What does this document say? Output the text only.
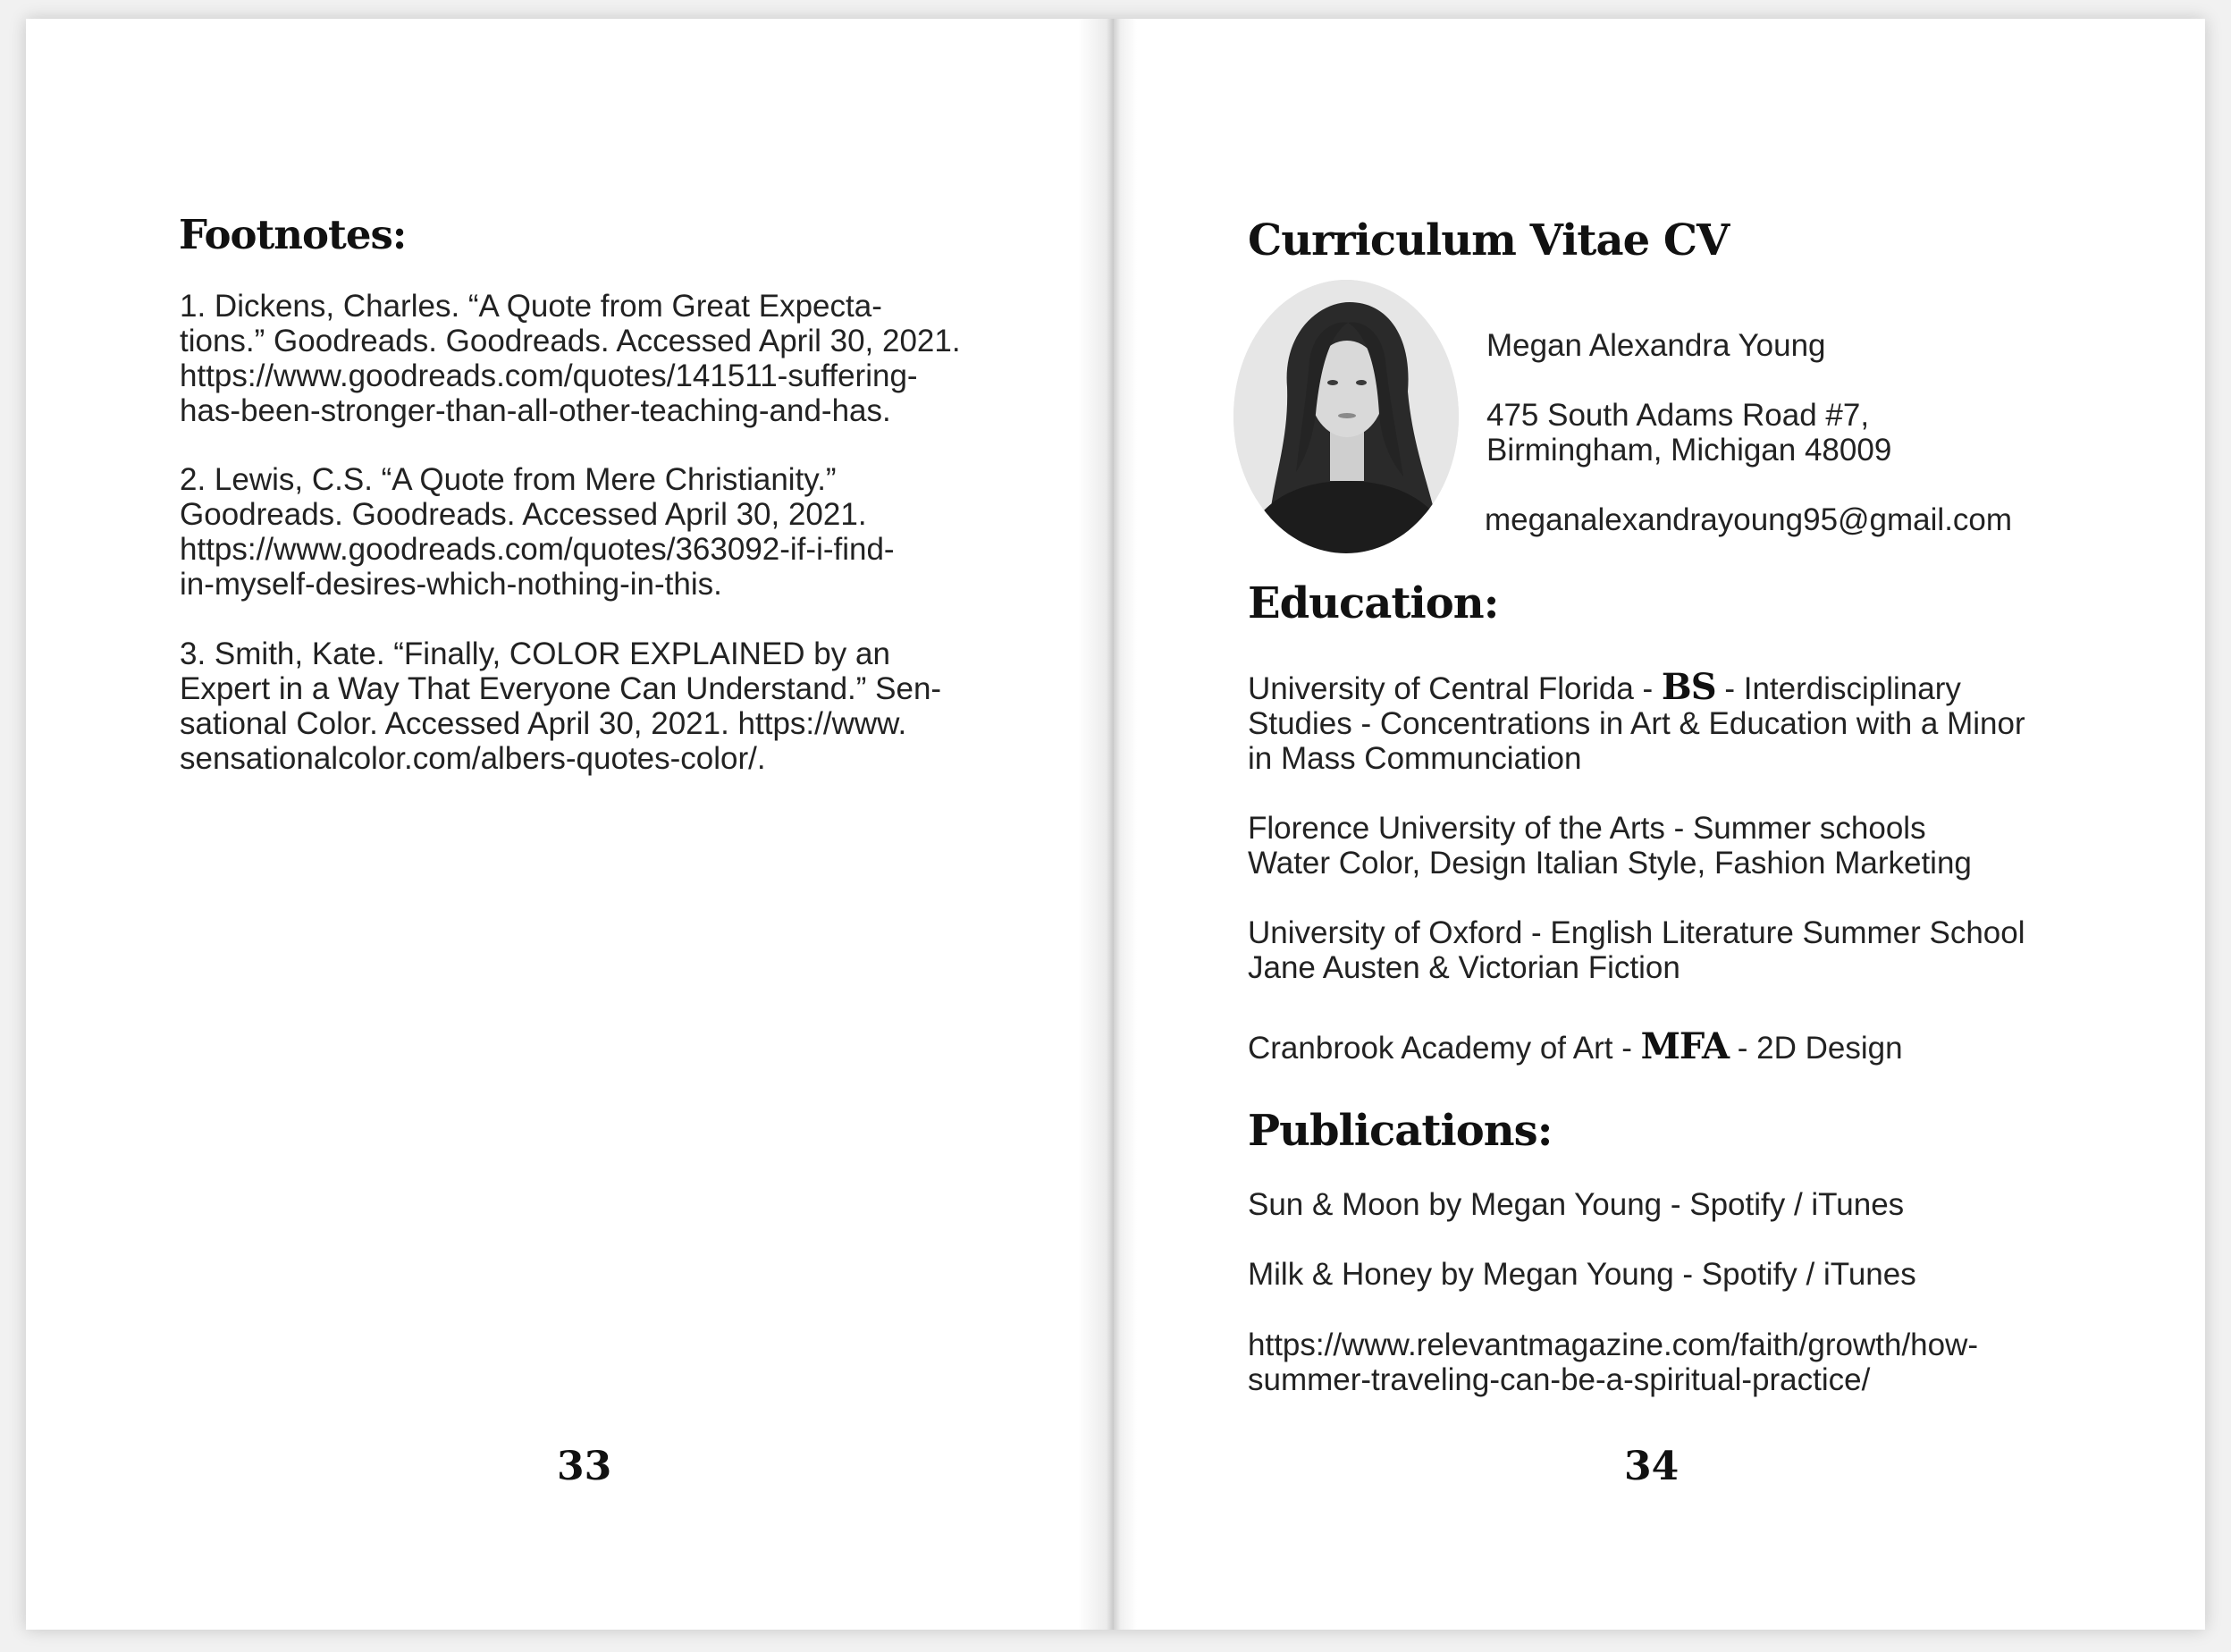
Footnotes:
1. Dickens, Charles. “A Quote from Great Expecta-
tions.” Goodreads. Goodreads. Accessed April 30, 2021.
https://www.goodreads.com/quotes/141511-suffering-
has-been-stronger-than-all-other-teaching-and-has.
2. Lewis, C.S. “A Quote from Mere Christianity.”
Goodreads. Goodreads. Accessed April 30, 2021.
https://www.goodreads.com/quotes/363092-if-i-find-
in-myself-desires-which-nothing-in-this.
3. Smith, Kate. “Finally, COLOR EXPLAINED by an
Expert in a Way That Everyone Can Understand.” Sen-
sational Color. Accessed April 30, 2021. https://www.
sensationalcolor.com/albers-quotes-color/.
33
Curriculum Vitae CV
Megan Alexandra Young
475 South Adams Road #7,
Birmingham, Michigan 48009
meganalexandrayoung95@gmail.com
Education:
University of Central Florida - BS - Interdisciplinary
Studies - Concentrations in Art & Education with a Minor
in Mass Communciation
Florence University of the Arts - Summer schools
Water Color, Design Italian Style, Fashion Marketing
University of Oxford - English Literature Summer School
Jane Austen & Victorian Fiction
Cranbrook Academy of Art - MFA - 2D Design
Publications:
Sun & Moon by Megan Young - Spotify / iTunes
Milk & Honey by Megan Young - Spotify / iTunes
https://www.relevantmagazine.com/faith/growth/how-
summer-traveling-can-be-a-spiritual-practice/
34
